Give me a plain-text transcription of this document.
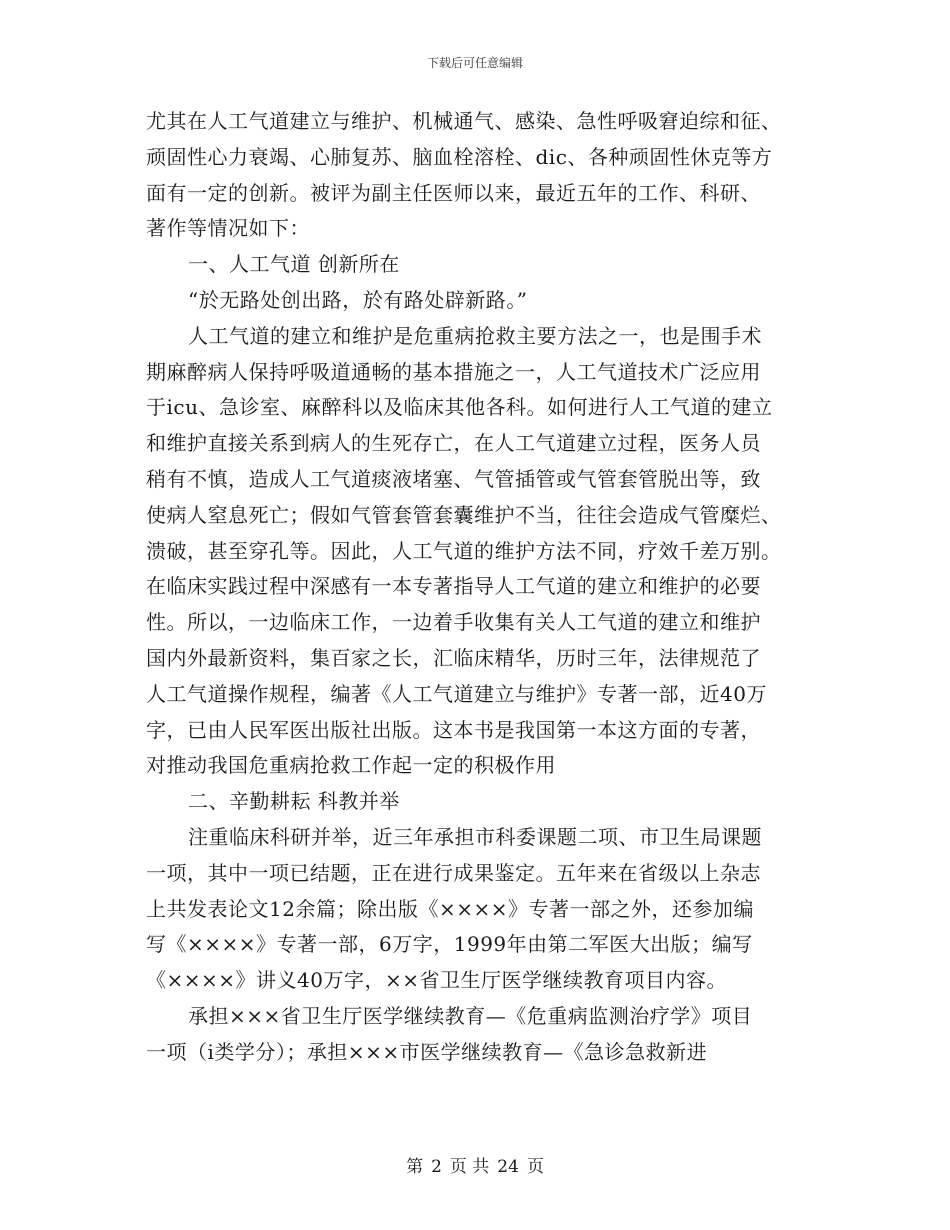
下载后可任意编辑
尤其在人工气道建立与维护、机械通气、感染、急性呼吸窘迫综和征、
顽固性心力衰竭、心肺复苏、脑血栓溶栓、dic、各种顽固性休克等方
面有一定的创新。被评为副主任医师以来，最近五年的工作、科研、
著作等情况如下：
一、人工气道 创新所在
“於无路处创出路，於有路处辟新路。”
人工气道的建立和维护是危重病抢救主要方法之一，也是围手术
期麻醉病人保持呼吸道通畅的基本措施之一，人工气道技术广泛应用
于icu、急诊室、麻醉科以及临床其他各科。如何进行人工气道的建立
和维护直接关系到病人的生死存亡，在人工气道建立过程，医务人员
稍有不慎，造成人工气道痰液堵塞、气管插管或气管套管脱出等，致
使病人窒息死亡；假如气管套管套囊维护不当，往往会造成气管糜烂、
溃破，甚至穿孔等。因此，人工气道的维护方法不同，疗效千差万别。
在临床实践过程中深感有一本专著指导人工气道的建立和维护的必要
性。所以，一边临床工作，一边着手收集有关人工气道的建立和维护
国内外最新资料，集百家之长，汇临床精华，历时三年，法律规范了
人工气道操作规程，编著《人工气道建立与维护》专著一部，近40万
字，已由人民军医出版社出版。这本书是我国第一本这方面的专著，
对推动我国危重病抢救工作起一定的积极作用
二、辛勤耕耘 科教并举
注重临床科研并举，近三年承担市科委课题二项、市卫生局课题
一项，其中一项已结题，正在进行成果鉴定。五年来在省级以上杂志
上共发表论文12余篇；除出版《××××》专著一部之外，还参加编
写《××××》专著一部，6万字，1999年由第二军医大出版；编写
《××××》讲义40万字，××省卫生厅医学继续教育项目内容。
承担×××省卫生厅医学继续教育—《危重病监测治疗学》项目
一项（ⅰ类学分）；承担×××市医学继续教育—《急诊急救新进
第 2 页 共 24 页
